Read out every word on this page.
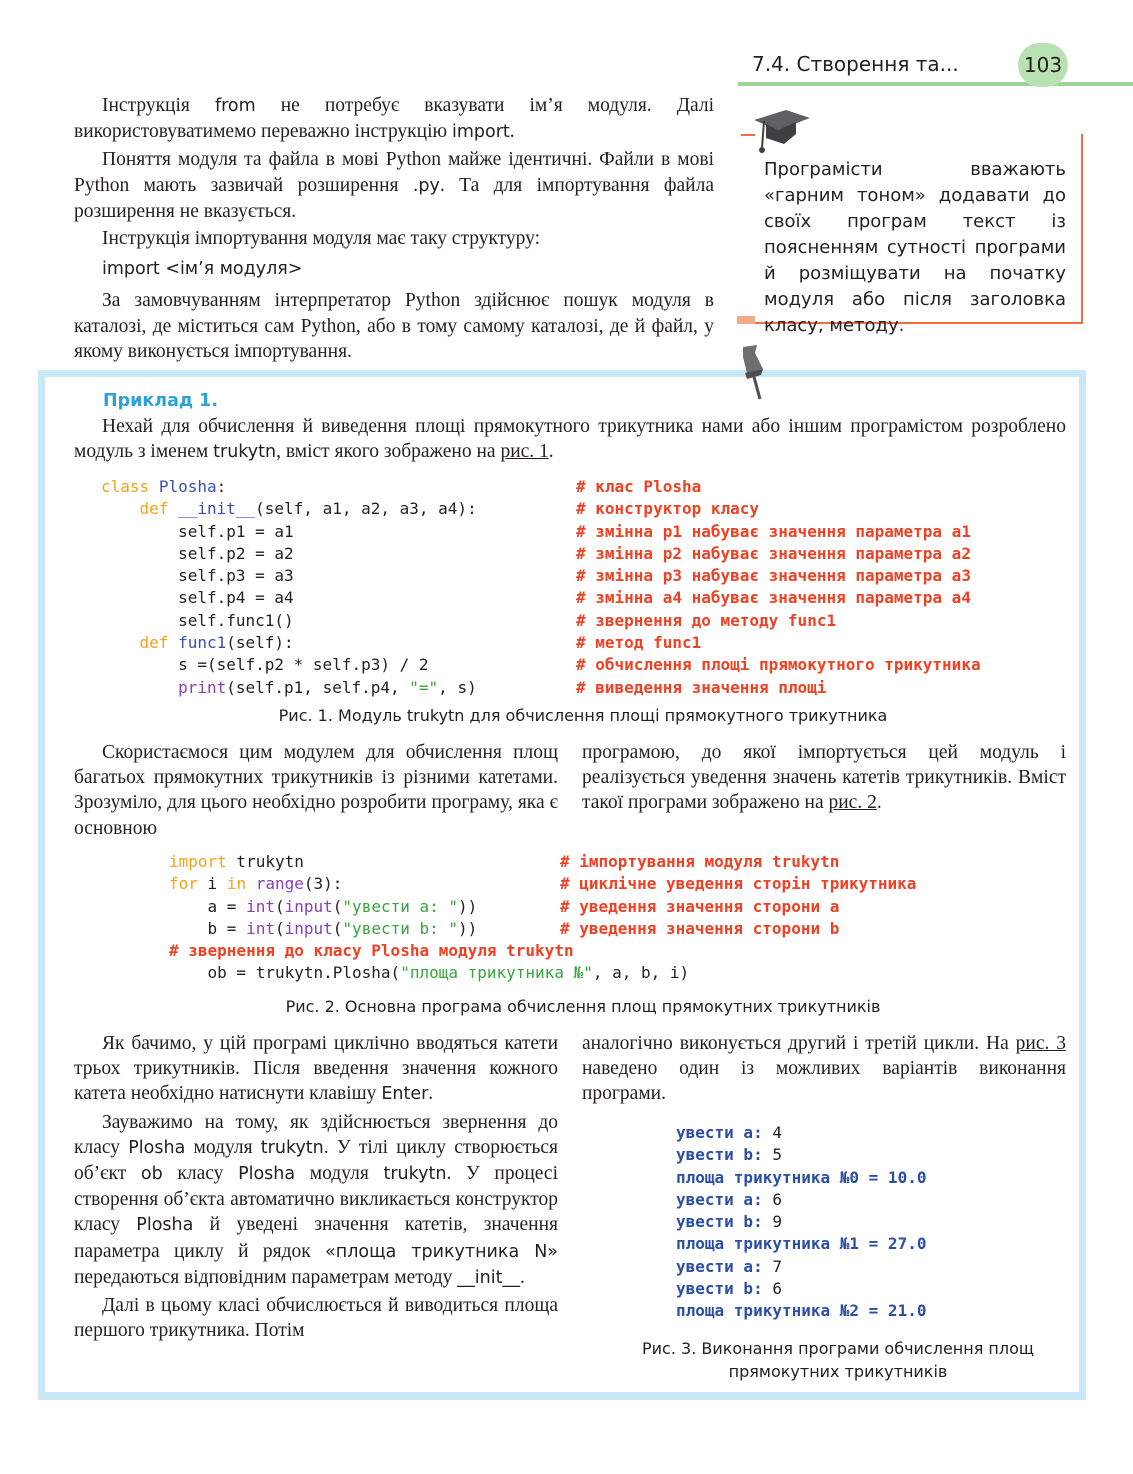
7.4. Створення та...	103

Інструкція from не потребує вказувати ім’я модуля. Далі використовуватимемо переважно інструкцію import.

Поняття модуля та файла в мові Python майже ідентичні. Файли в мові Python мають зазвичай розширення .py. Та для імпортування файла розширення не вказується.

Інструкція імпортування модуля має таку структуру:

import <ім’я модуля>

За замовчуванням інтерпретатор Python здійснює пошук модуля в каталозі, де міститься сам Python, або в тому самому каталозі, де й файл, у якому виконується імпортування.

Програмісти вважають «гарним тоном» додавати до своїх програм текст із поясненням сутності програми й розміщувати на початку модуля або після заголовка класу, методу.
Приклад 1.

Нехай для обчислення й виведення площі прямокутного трикутника нами або іншим програмістом розроблено модуль з іменем trukytn, вміст якого зображено на рис. 1.

class Plosha:
def __init__(self, a1, a2, a3, a4):
self.p1 = a1
self.p2 = a2
self.p3 = a3
self.p4 = a4
self.func1()
def func1(self):
s =(self.p2 * self.p3) / 2
print(self.p1, self.p4, "=", s)
# клас Plosha
# конструктор класу
# змінна p1 набуває значення параметра a1
# змінна p2 набуває значення параметра a2
# змінна p3 набуває значення параметра a3
# змінна a4 набуває значення параметра a4
# звернення до методу func1
# метод func1
# обчислення площі прямокутного трикутника
# виведення значення площі
Рис. 1. Модуль trukytn для обчислення площі прямокутного трикутника

Скористаємося цим модулем для обчислення площ багатьох прямокутних трикутників із різними катетами. Зрозуміло, для цього необхідно розробити програму, яка є основною

програмою, до якої імпортується цей модуль і реалізується уведення значень катетів трикутників. Вміст такої програми зображено на рис. 2.

import trukytn
for i in range(3):
a = int(input("увести a: "))
b = int(input("увести b: "))
# звернення до класу Plosha модуля trukytn
ob = trukytn.Plosha("площа трикутника №", a, b, i)
# імпортування модуля trukytn
# циклічне уведення сторін трикутника
# уведення значення сторони a
# уведення значення сторони b
Рис. 2. Основна програма обчислення площ прямокутних трикутників

Як бачимо, у цій програмі циклічно вводяться катети трьох трикутників. Після введення значення кожного катета необхідно натиснути клавішу Enter.

Зауважимо на тому, як здійснюється звернення до класу Plosha модуля trukytn. У тілі циклу створюється об’єкт ob класу Plosha модуля trukytn. У процесі створення об’єкта автоматично викликається конструктор класу Plosha й уведені значення катетів, значення параметра циклу й рядок «площа трикутника N» передаються відповідним параметрам методу __init__.

Далі в цьому класі обчислюється й виводиться площа першого трикутника. Потім

аналогічно виконується другий і третій цикли. На рис. 3 наведено один із можливих варіантів виконання програми.

увести a: 4
увести b: 5
площа трикутника №0 = 10.0
увести a: 6
увести b: 9
площа трикутника №1 = 27.0
увести a: 7
увести b: 6
площа трикутника №2 = 21.0
Рис. 3. Виконання програми обчислення площ
прямокутних трикутників
